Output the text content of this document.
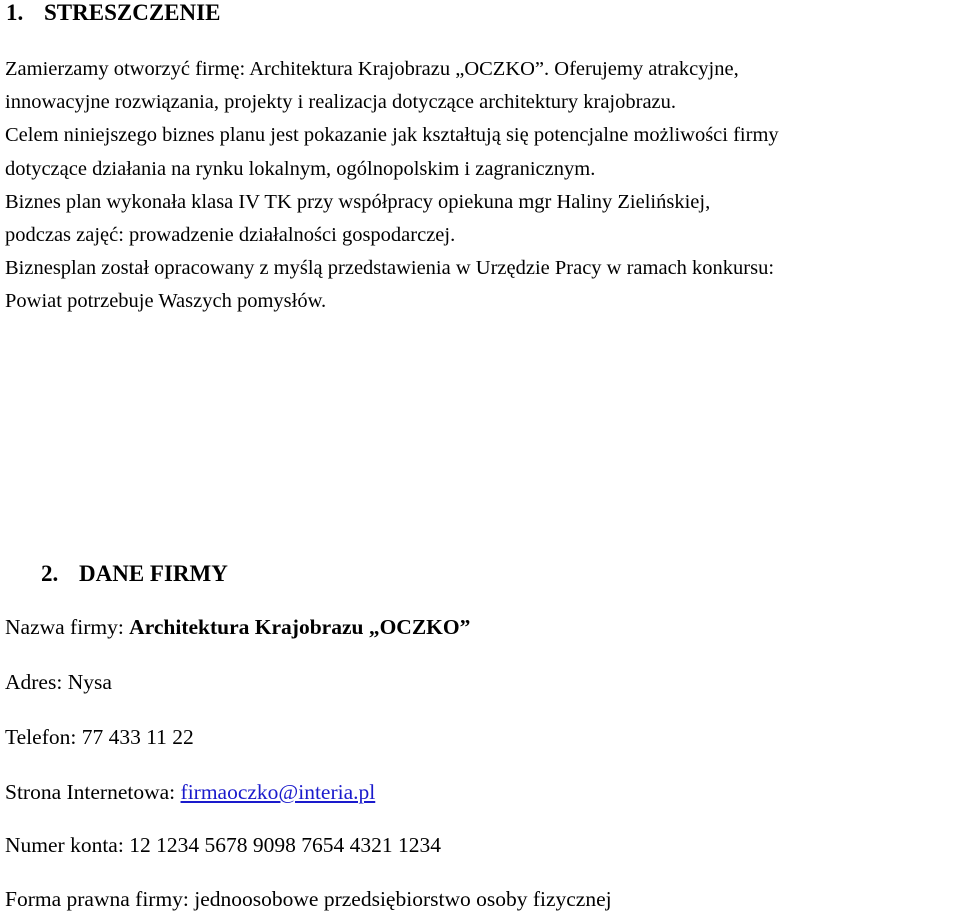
1. STRESZCZENIE
Zamierzamy otworzyć firmę: Architektura Krajobrazu „OCZKO”. Oferujemy atrakcyjne,
innowacyjne rozwiązania, projekty i realizacja dotyczące architektury krajobrazu.
Celem niniejszego biznes planu jest pokazanie jak kształtują się potencjalne możliwości firmy
dotyczące działania na rynku lokalnym, ogólnopolskim i zagranicznym.
Biznes plan wykonała klasa IV TK przy współpracy opiekuna mgr Haliny Zielińskiej,
podczas zajęć: prowadzenie działalności gospodarczej.
Biznesplan został opracowany z myślą przedstawienia w Urzędzie Pracy w ramach konkursu:
Powiat potrzebuje Waszych pomysłów.
2. DANE FIRMY

Nazwa firmy: Architektura Krajobrazu „OCZKO”

Adres: Nysa

Telefon: 77 433 11 22

Strona Internetowa: firmaoczko@interia.pl

Numer konta: 12 1234 5678 9098 7654 4321 1234

Forma prawna firmy: jednoosobowe przedsiębiorstwo osoby fizycznej
